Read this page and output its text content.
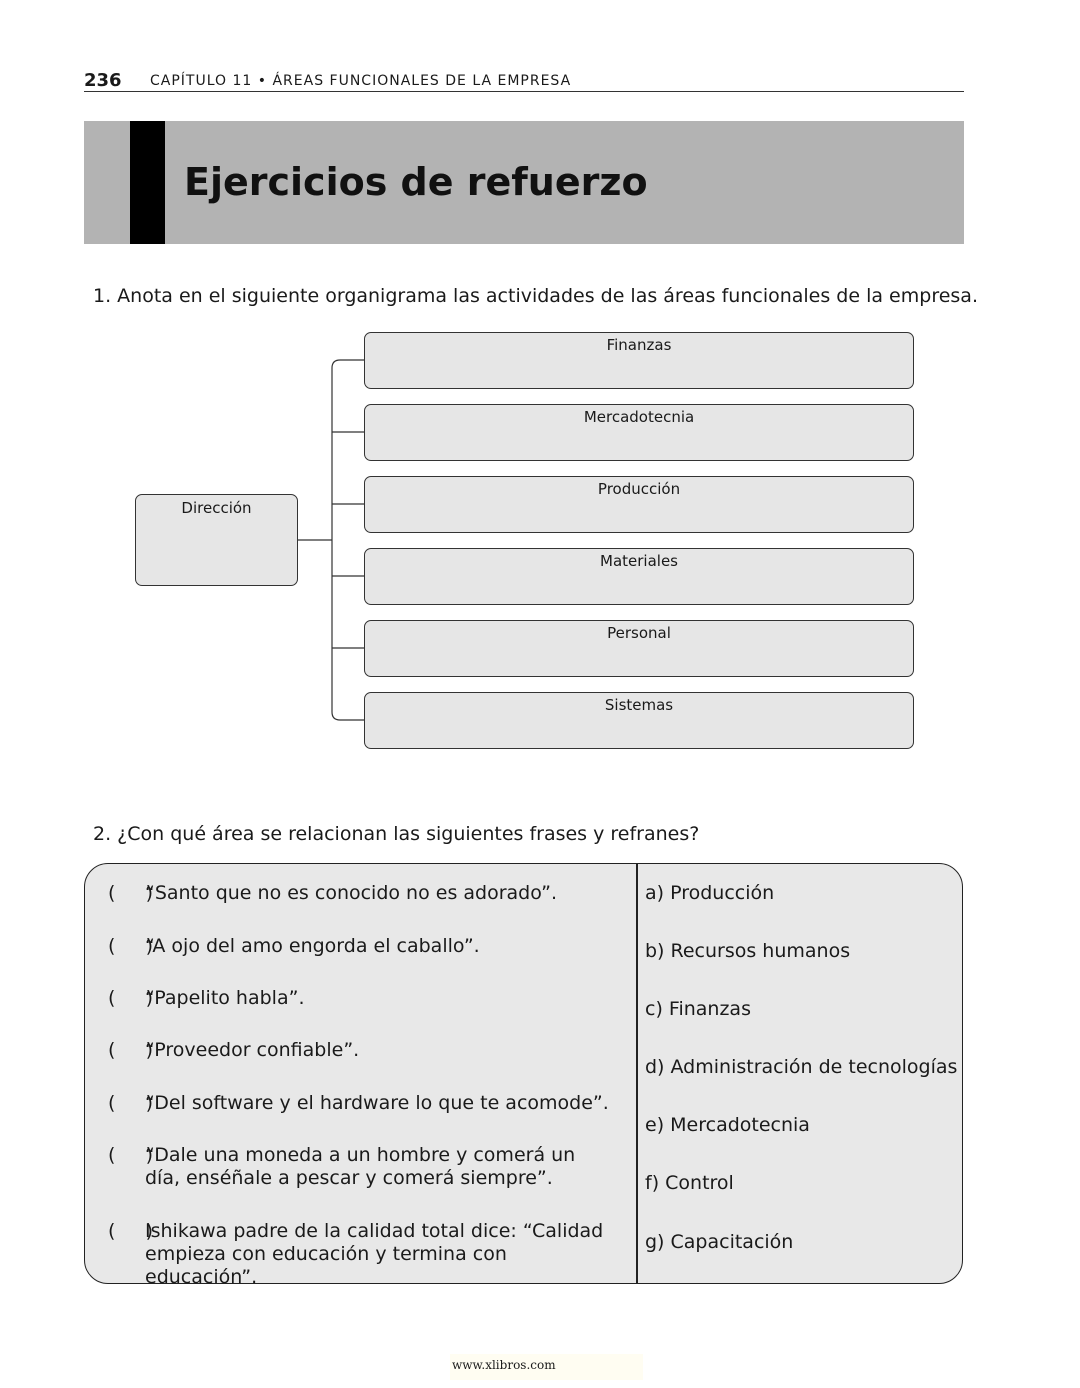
236 CAPÍTULO 11 • ÁREAS FUNCIONALES DE LA EMPRESA
Ejercicios de refuerzo
1. Anota en el siguiente organigrama las actividades de las áreas funcionales de la empresa.
Dirección
Finanzas
Mercadotecnia
Producción
Materiales
Personal
Sistemas
2. ¿Con qué área se relacionan las siguientes frases y refranes?
(     )
“Santo que no es conocido no es adorado”.
(     )
“A ojo del amo engorda el caballo”.
(     )
“Papelito habla”.
(     )
“Proveedor confiable”.
(     )
“Del software y el hardware lo que te acomode”.
(     )
“Dale una moneda a un hombre y comerá un día, enséñale a pescar y comerá siempre”.
(     )
Ishikawa padre de la calidad total dice: “Calidad empieza con educación y termina con educación”.
a) Producción
b) Recursos humanos
c) Finanzas
d) Administración de tecnologías
e) Mercadotecnia
f) Control
g) Capacitación
www.xlibros.com
